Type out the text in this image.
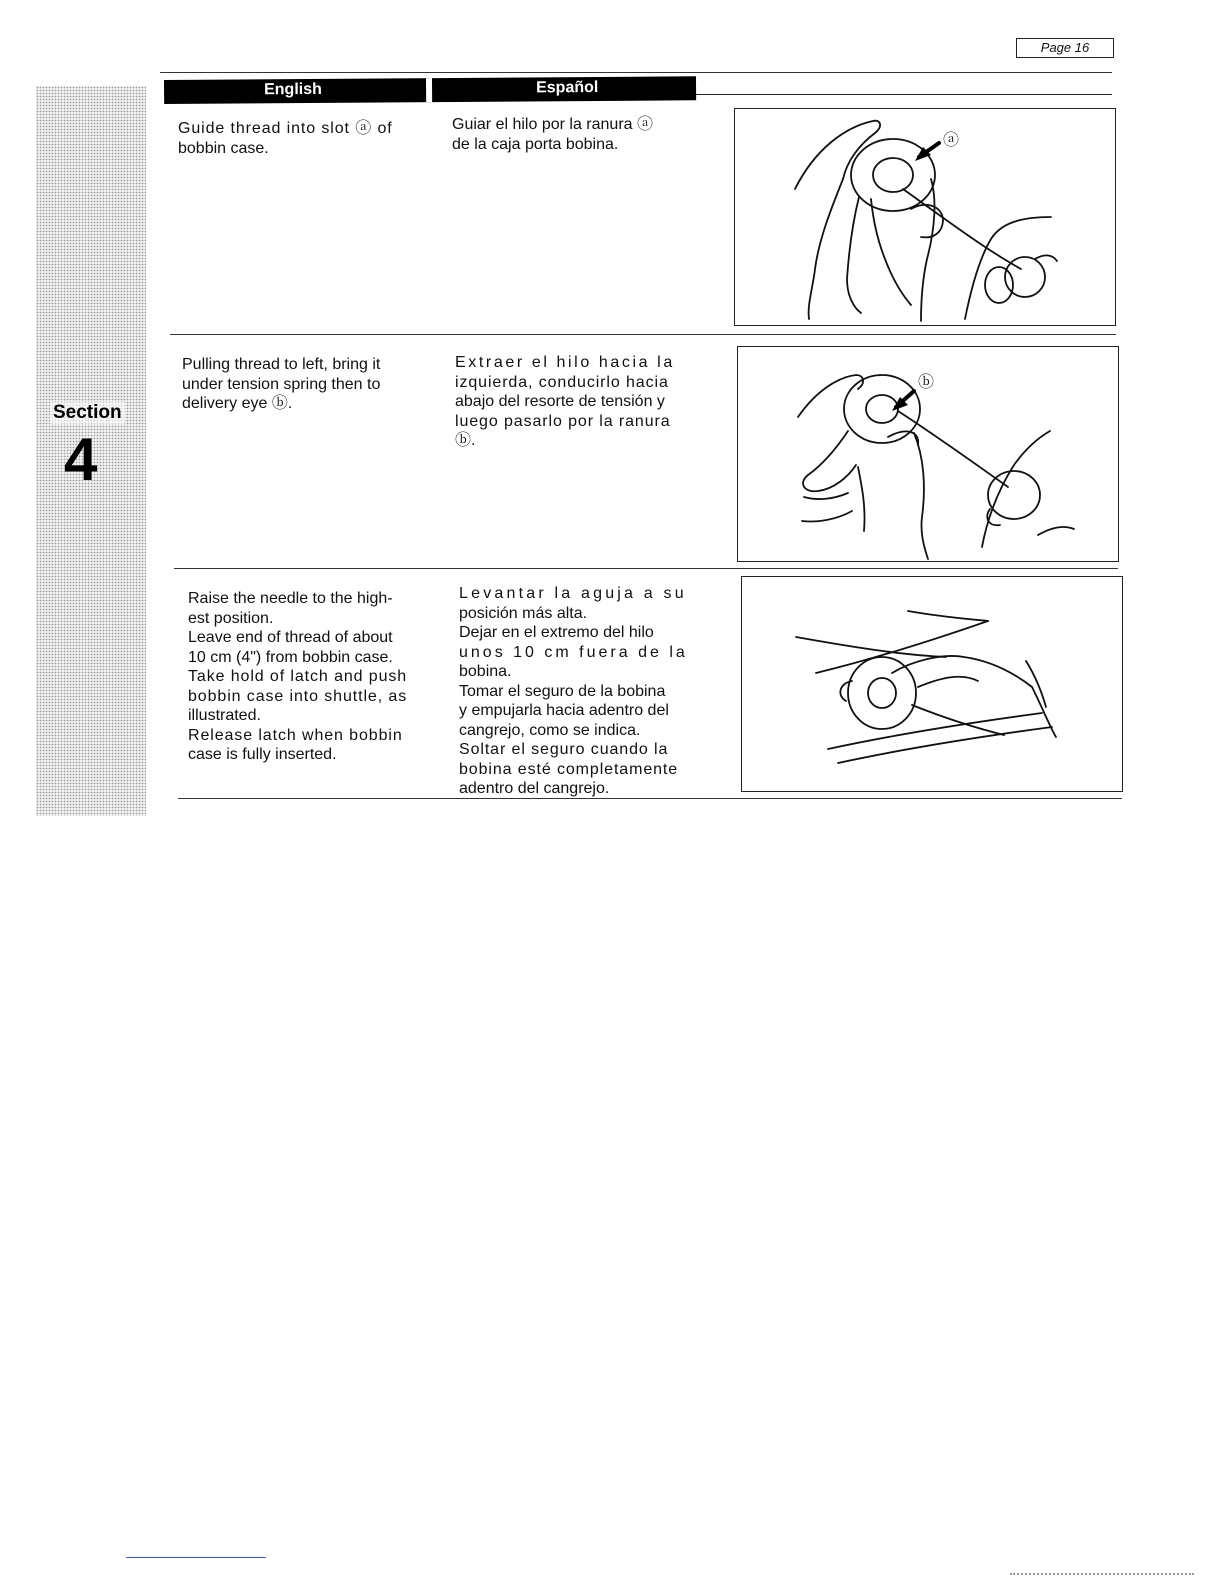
Page 16
Section
4
English	Español
Guide thread into slot ⓐ of
bobbin case.
Guiar el hilo por la ranura ⓐ
de la caja porta bobina.	ⓐ
Pulling thread to left, bring it
under tension spring then to
delivery eye ⓑ.
Extraer el hilo hacia la
izquierda, conducirlo hacia
abajo del resorte de tensión y
luego pasarlo por la ranura
ⓑ.
ⓑ
Raise the needle to the high-
est position.
Leave end of thread of about
10 cm (4") from bobbin case.
Take hold of latch and push
bobbin case into shuttle, as
illustrated.
Release latch when bobbin
case is fully inserted.
Levantar la aguja a su
posición más alta.
Dejar en el extremo del hilo
unos 10 cm fuera de la
bobina.
Tomar el seguro de la bobina
y empujarla hacia adentro del
cangrejo, como se indica.
Soltar el seguro cuando la
bobina esté completamente
adentro del cangrejo.
